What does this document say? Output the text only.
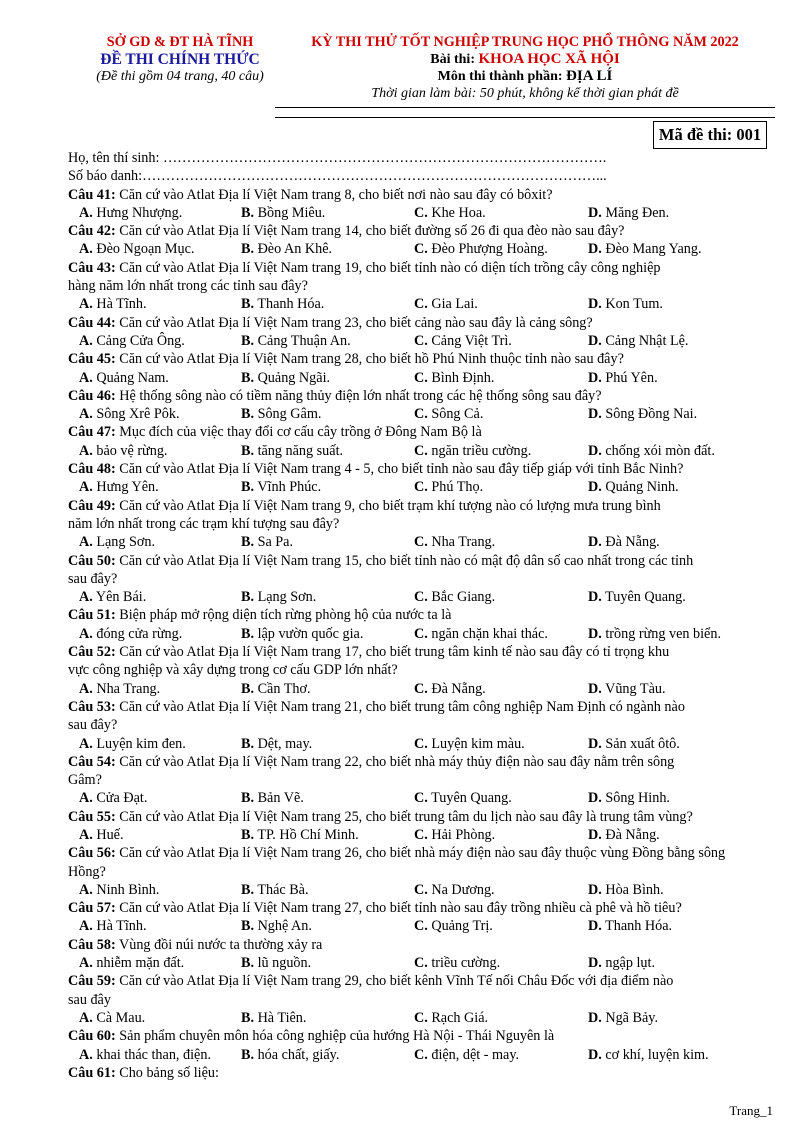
SỞ GD & ĐT HÀ TĨNH
ĐỀ THI CHÍNH THỨC
(Đề thi gồm 04 trang, 40 câu)
KỲ THI THỬ TỐT NGHIỆP TRUNG HỌC PHỔ THÔNG NĂM 2022
Bài thi: KHOA HỌC XÃ HỘI
Môn thi thành phần: ĐỊA LÍ
Thời gian làm bài: 50 phút, không kể thời gian phát đề
Mã đề thi: 001
Họ, tên thí sinh: ………………………………………………………………………………….
Số báo danh:……………………………………………………………………………………...
Câu 41: Căn cứ vào Atlat Địa lí Việt Nam trang 8, cho biết nơi nào sau đây có bôxit?
A. Hưng Nhượng.	B. Bồng Miêu.	C. Khe Hoa.	D. Măng Đen.
Câu 42: Căn cứ vào Atlat Địa lí Việt Nam trang 14, cho biết đường số 26 đi qua đèo nào sau đây?
A. Đèo Ngoạn Mục.	B. Đèo An Khê.	C. Đèo Phượng Hoàng.	D. Đèo Mang Yang.
Câu 43: Căn cứ vào Atlat Địa lí Việt Nam trang 19, cho biết tỉnh nào có diện tích trồng cây công nghiệp
hàng năm lớn nhất trong các tỉnh sau đây?
A. Hà Tĩnh.	B. Thanh Hóa.	C. Gia Lai.	D. Kon Tum.
Câu 44: Căn cứ vào Atlat Địa lí Việt Nam trang 23, cho biết cảng nào sau đây là cảng sông?
A. Cảng Cửa Ông.	B. Cảng Thuận An.	C. Cảng Việt Trì.	D. Cảng Nhật Lệ.
Câu 45: Căn cứ vào Atlat Địa lí Việt Nam trang 28, cho biết hồ Phú Ninh thuộc tỉnh nào sau đây?
A. Quảng Nam.	B. Quảng Ngãi.	C. Bình Định.	D. Phú Yên.
Câu 46: Hệ thống sông nào có tiềm năng thủy điện lớn nhất trong các hệ thống sông sau đây?
A. Sông Xrê Pôk.	B. Sông Gâm.	C. Sông Cả.	D. Sông Đồng Nai.
Câu 47: Mục đích của việc thay đổi cơ cấu cây trồng ở Đông Nam Bộ là
A. bảo vệ rừng.	B. tăng năng suất.	C. ngăn triều cường.	D. chống xói mòn đất.
Câu 48: Căn cứ vào Atlat Địa lí Việt Nam trang 4 - 5, cho biết tỉnh nào sau đây tiếp giáp với tỉnh Bắc Ninh?
A. Hưng Yên.	B. Vĩnh Phúc.	C. Phú Thọ.	D. Quảng Ninh.
Câu 49: Căn cứ vào Atlat Địa lí Việt Nam trang 9, cho biết trạm khí tượng nào có lượng mưa trung bình
năm lớn nhất trong các trạm khí tượng sau đây?
A. Lạng Sơn.	B. Sa Pa.	C. Nha Trang.	D. Đà Nẵng.
Câu 50: Căn cứ vào Atlat Địa lí Việt Nam trang 15, cho biết tỉnh nào có mật độ dân số cao nhất trong các tỉnh
sau đây?
A. Yên Bái.	B. Lạng Sơn.	C. Bắc Giang.	D. Tuyên Quang.
Câu 51: Biện pháp mở rộng diện tích rừng phòng hộ của nước ta là
A. đóng cửa rừng.	B. lập vườn quốc gia.	C. ngăn chặn khai thác.	D. trồng rừng ven biển.
Câu 52: Căn cứ vào Atlat Địa lí Việt Nam trang 17, cho biết trung tâm kinh tế nào sau đây có tỉ trọng khu
vực công nghiệp và xây dựng trong cơ cấu GDP lớn nhất?
A. Nha Trang.	B. Cần Thơ.	C. Đà Nẵng.	D. Vũng Tàu.
Câu 53: Căn cứ vào Atlat Địa lí Việt Nam trang 21, cho biết trung tâm công nghiệp Nam Định có ngành nào
sau đây?
A. Luyện kim đen.	B. Dệt, may.	C. Luyện kim màu.	D. Sản xuất ôtô.
Câu 54: Căn cứ vào Atlat Địa lí Việt Nam trang 22, cho biết nhà máy thủy điện nào sau đây nằm trên sông
Gâm?
A. Cửa Đạt.	B. Bản Vẽ.	C. Tuyên Quang.	D. Sông Hinh.
Câu 55: Căn cứ vào Atlat Địa lí Việt Nam trang 25, cho biết trung tâm du lịch nào sau đây là trung tâm vùng?
A. Huế.	B. TP. Hồ Chí Minh.	C. Hải Phòng.	D. Đà Nẵng.
Câu 56: Căn cứ vào Atlat Địa lí Việt Nam trang 26, cho biết nhà máy điện nào sau đây thuộc vùng Đồng bằng sông
Hồng?
A. Ninh Bình.	B. Thác Bà.	C. Na Dương.	D. Hòa Bình.
Câu 57: Căn cứ vào Atlat Địa lí Việt Nam trang 27, cho biết tỉnh nào sau đây trồng nhiều cà phê và hồ tiêu?
A. Hà Tĩnh.	B. Nghệ An.	C. Quảng Trị.	D. Thanh Hóa.
Câu 58: Vùng đồi núi nước ta thường xảy ra
A. nhiễm mặn đất.	B. lũ nguồn.	C. triều cường.	D. ngập lụt.
Câu 59: Căn cứ vào Atlat Địa lí Việt Nam trang 29, cho biết kênh Vĩnh Tế nối Châu Đốc với địa điểm nào
sau đây
A. Cà Mau.	B. Hà Tiên.	C. Rạch Giá.	D. Ngã Bảy.
Câu 60: Sản phẩm chuyên môn hóa công nghiệp của hướng Hà Nội - Thái Nguyên là
A. khai thác than, điện.	B. hóa chất, giấy.	C. điện, dệt - may.	D. cơ khí, luyện kim.
Câu 61: Cho bảng số liệu:
Trang_1
